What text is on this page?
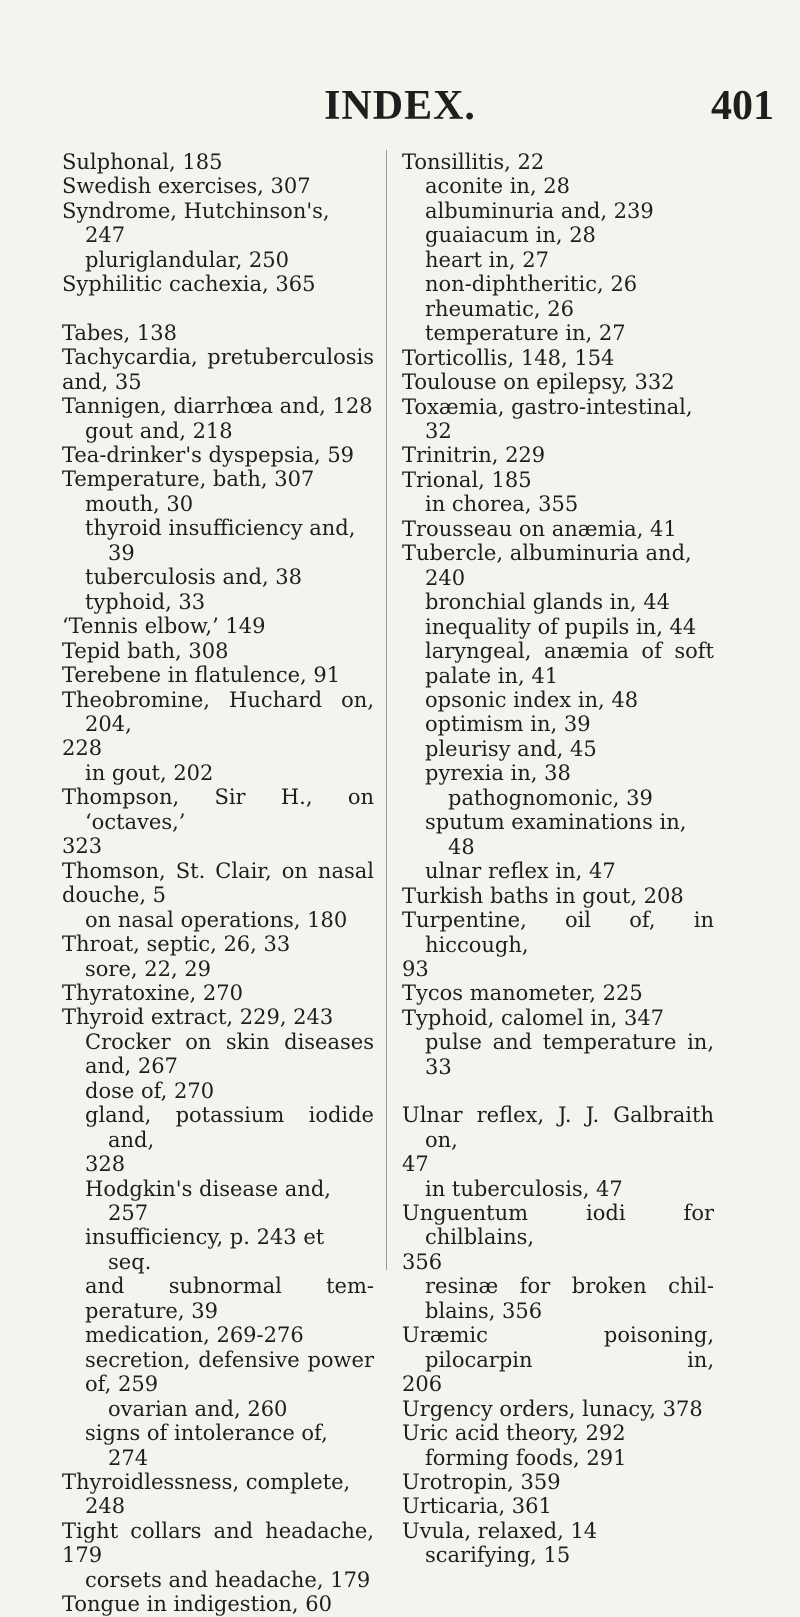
INDEX.	401
Sulphonal, 185
Swedish exercises, 307
Syndrome, Hutchinson's, 247
pluriglandular, 250
Syphilitic cachexia, 365
Tabes, 138
Tachycardia, pretuberculosis
and, 35
Tannigen, diarrhœa and, 128
gout and, 218
Tea-drinker's dyspepsia, 59
Temperature, bath, 307
mouth, 30
thyroid insufficiency and, 39
tuberculosis and, 38
typhoid, 33
‘Tennis elbow,’ 149
Tepid bath, 308
Terebene in flatulence, 91
Theobromine, Huchard on, 204,
228
in gout, 202
Thompson, Sir H., on ‘octaves,’
323
Thomson, St. Clair, on nasal
douche, 5
on nasal operations, 180
Throat, septic, 26, 33
sore, 22, 29
Thyratoxine, 270
Thyroid extract, 229, 243
Crocker on skin diseases
and, 267
dose of, 270
gland, potassium iodide and,
328
Hodgkin's disease and, 257
insufficiency, p. 243 et seq.
and subnormal tem-
perature, 39
medication, 269-276
secretion, defensive power
of, 259
ovarian and, 260
signs of intolerance of, 274
Thyroidlessness, complete, 248
Tight collars and headache,
179
corsets and headache, 179
Tongue in indigestion, 60
Tonsillitis, 22
aconite in, 28
albuminuria and, 239
guaiacum in, 28
heart in, 27
non-diphtheritic, 26
rheumatic, 26
temperature in, 27
Torticollis, 148, 154
Toulouse on epilepsy, 332
Toxæmia, gastro-intestinal, 32
Trinitrin, 229
Trional, 185
in chorea, 355
Trousseau on anæmia, 41
Tubercle, albuminuria and, 240
bronchial glands in, 44
inequality of pupils in, 44
laryngeal, anæmia of soft
palate in, 41
opsonic index in, 48
optimism in, 39
pleurisy and, 45
pyrexia in, 38
pathognomonic, 39
sputum examinations in, 48
ulnar reflex in, 47
Turkish baths in gout, 208
Turpentine, oil of, in hiccough,
93
Tycos manometer, 225
Typhoid, calomel in, 347
pulse and temperature in,
33
Ulnar reflex, J. J. Galbraith on,
47
in tuberculosis, 47
Unguentum iodi for chilblains,
356
resinæ for broken chil-
blains, 356
Uræmic poisoning, pilocarpin in,
206
Urgency orders, lunacy, 378
Uric acid theory, 292
forming foods, 291
Urotropin, 359
Urticaria, 361
Uvula, relaxed, 14
scarifying, 15
